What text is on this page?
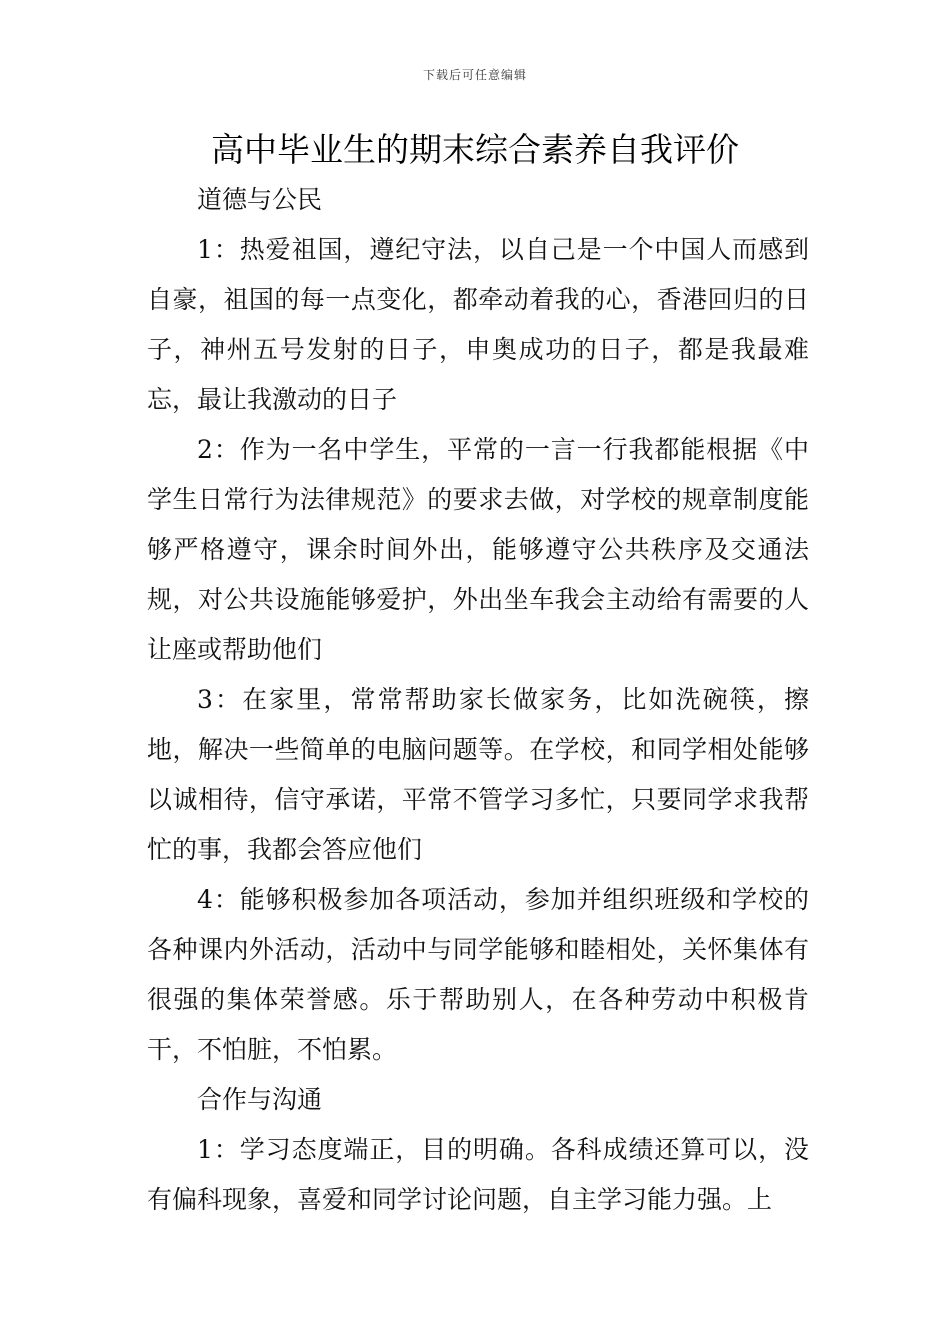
下载后可任意编辑
高中毕业生的期末综合素养自我评价

道德与公民

1：热爱祖国，遵纪守法，以自己是一个中国人而感到自豪，祖国的每一点变化，都牵动着我的心，香港回归的日子，神州五号发射的日子，申奥成功的日子，都是我最难忘，最让我激动的日子

2：作为一名中学生，平常的一言一行我都能根据《中学生日常行为法律规范》的要求去做，对学校的规章制度能够严格遵守，课余时间外出，能够遵守公共秩序及交通法规，对公共设施能够爱护，外出坐车我会主动给有需要的人让座或帮助他们

3：在家里，常常帮助家长做家务，比如洗碗筷，擦地，解决一些简单的电脑问题等。在学校，和同学相处能够以诚相待，信守承诺，平常不管学习多忙，只要同学求我帮忙的事，我都会答应他们

4：能够积极参加各项活动，参加并组织班级和学校的各种课内外活动，活动中与同学能够和睦相处，关怀集体有很强的集体荣誉感。乐于帮助别人，在各种劳动中积极肯干，不怕脏，不怕累。

合作与沟通

1：学习态度端正，目的明确。各科成绩还算可以，没有偏科现象，喜爱和同学讨论问题，自主学习能力强。上
